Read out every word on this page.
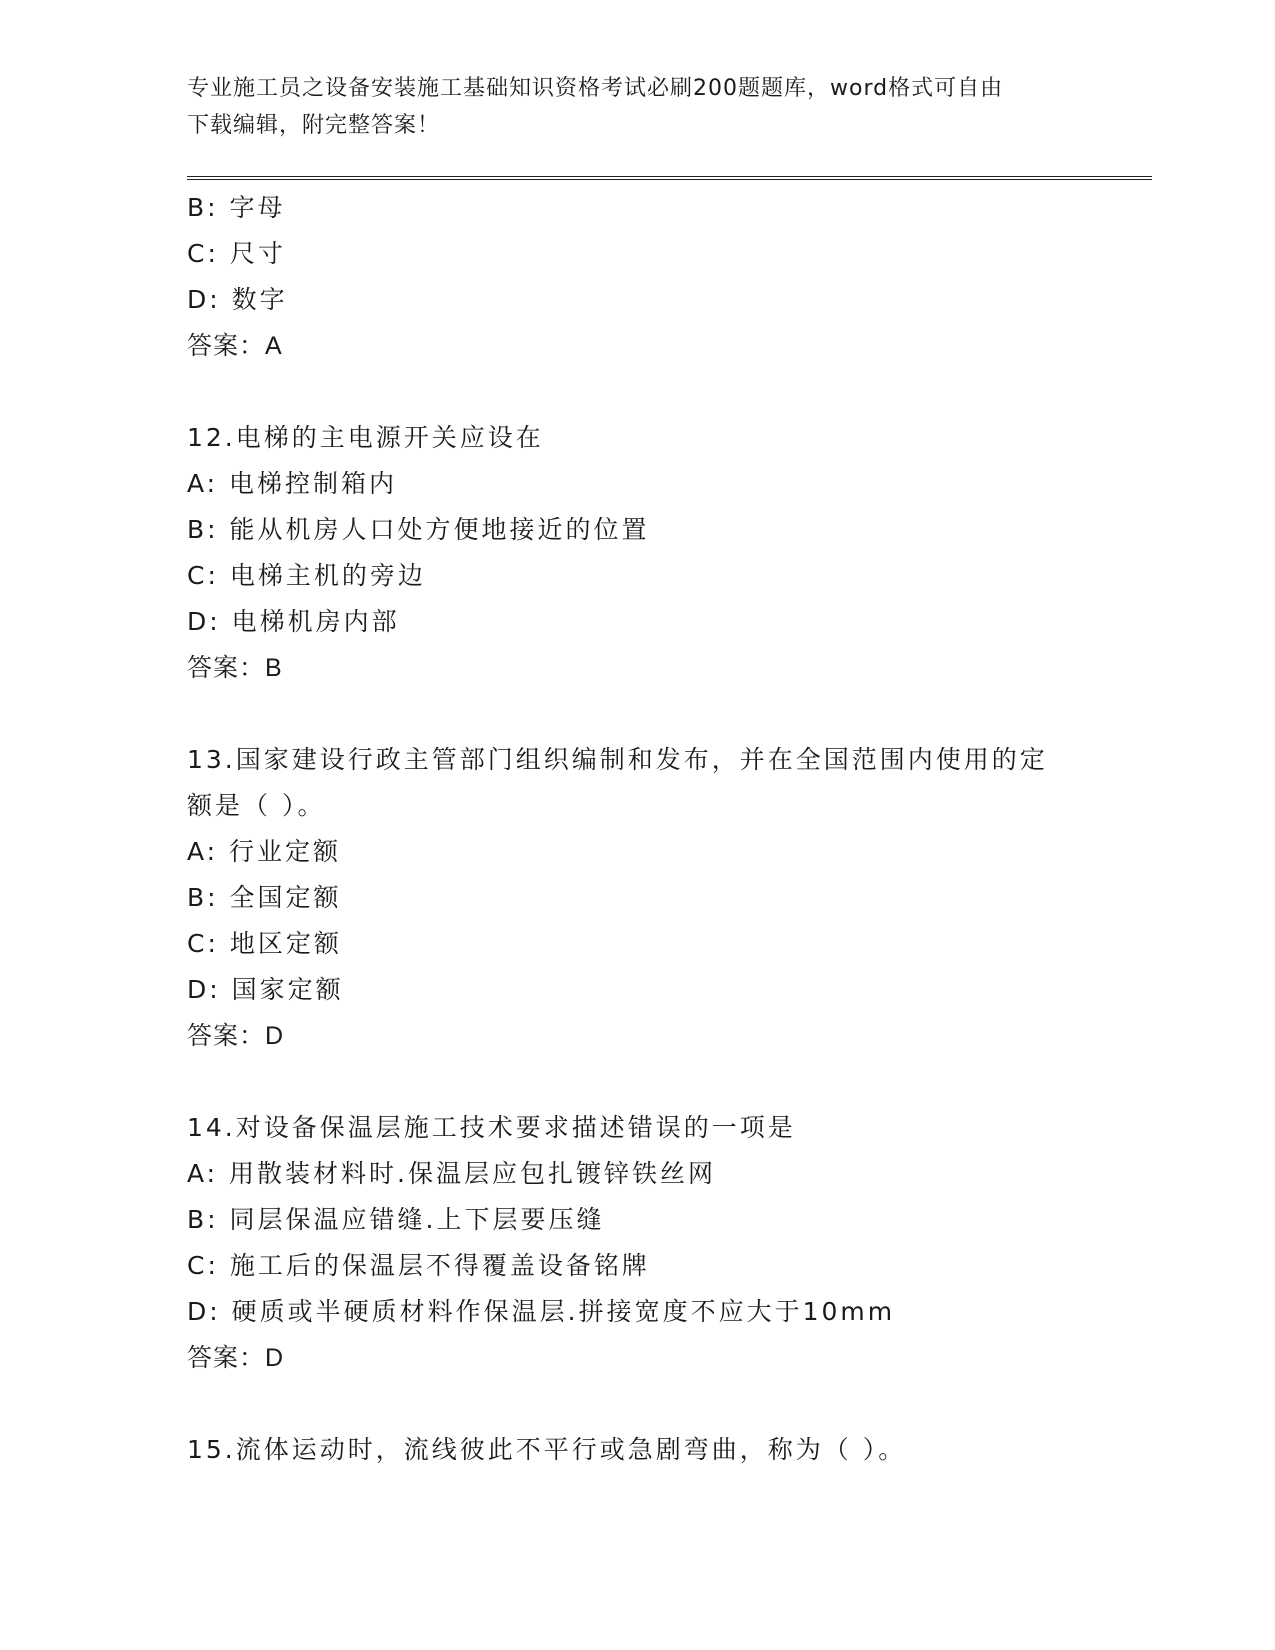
专业施工员之设备安装施工基础知识资格考试必刷200题题库，word格式可自由
下载编辑，附完整答案！
B: 字母
C: 尺寸
D: 数字
答案：A
12.电梯的主电源开关应设在
A: 电梯控制箱内
B: 能从机房人口处方便地接近的位置
C: 电梯主机的旁边
D: 电梯机房内部
答案：B
13.国家建设行政主管部门组织编制和发布，并在全国范围内使用的定
额是（ ）。
A: 行业定额
B: 全国定额
C: 地区定额
D: 国家定额
答案：D
14.对设备保温层施工技术要求描述错误的一项是
A: 用散装材料时.保温层应包扎镀锌铁丝网
B: 同层保温应错缝.上下层要压缝
C: 施工后的保温层不得覆盖设备铭牌
D: 硬质或半硬质材料作保温层.拼接宽度不应大于10mm
答案：D
15.流体运动时，流线彼此不平行或急剧弯曲，称为（ ）。
